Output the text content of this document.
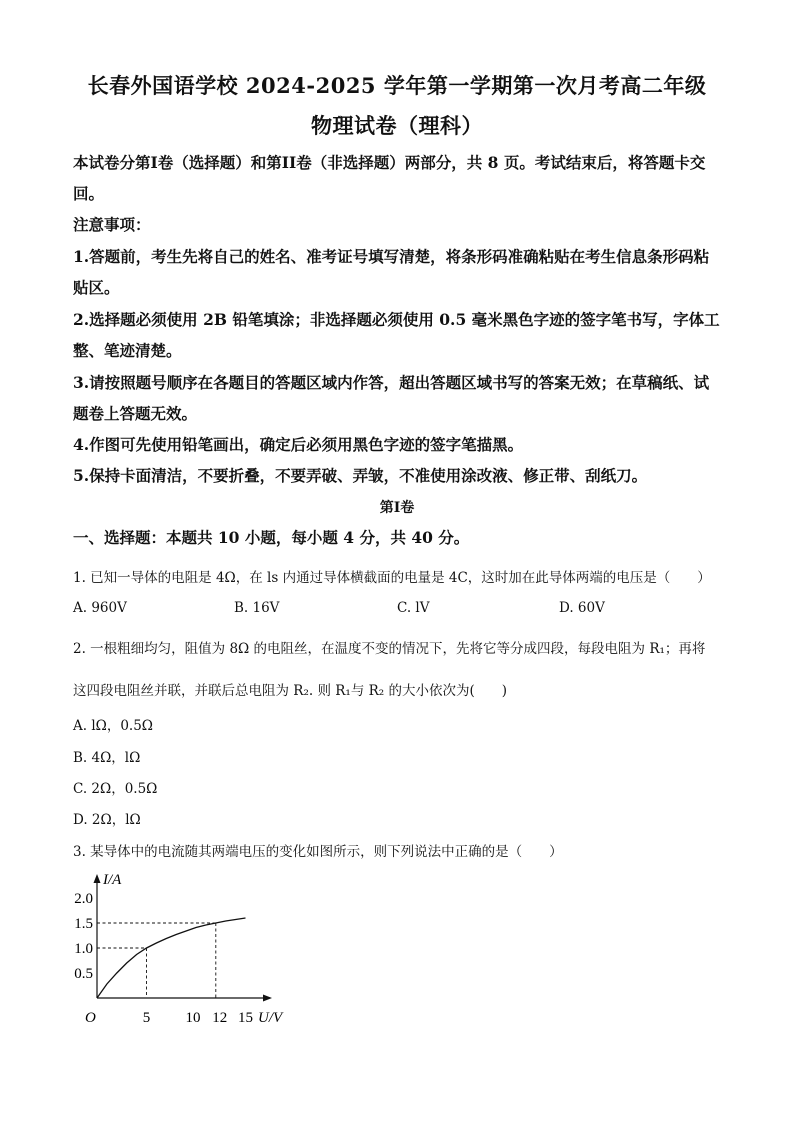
长春外国语学校 2024-2025 学年第一学期第一次月考高二年级
物理试卷（理科）
本试卷分第I卷（选择题）和第II卷（非选择题）两部分，共 8 页。考试结束后，将答题卡交
回。
注意事项：
1.答题前，考生先将自己的姓名、准考证号填写清楚，将条形码准确粘贴在考生信息条形码粘
贴区。
2.选择题必须使用 2B 铅笔填涂；非选择题必须使用 0.5 毫米黑色字迹的签字笔书写，字体工
整、笔迹清楚。
3.请按照题号顺序在各题目的答题区域内作答，超出答题区域书写的答案无效；在草稿纸、试
题卷上答题无效。
4.作图可先使用铅笔画出，确定后必须用黑色字迹的签字笔描黑。
5.保持卡面清洁，不要折叠，不要弄破、弄皱，不准使用涂改液、修正带、刮纸刀。
第I卷
一、选择题：本题共 10 小题，每小题 4 分，共 40 分。
1. 已知一导体的电阻是 4Ω，在 ls 内通过导体横截面的电量是 4C，这时加在此导体两端的电压是（　　）
A. 960V	B. 16V	C. lV	D. 60V
2. 一根粗细均匀，阻值为 8Ω 的电阻丝，在温度不变的情况下，先将它等分成四段，每段电阻为 R₁；再将
这四段电阻丝并联，并联后总电阻为 R₂. 则 R₁与 R₂ 的大小依次为(　　)
A. lΩ，0.5Ω
B. 4Ω，lΩ
C. 2Ω，0.5Ω
D. 2Ω，lΩ
3. 某导体中的电流随其两端电压的变化如图所示，则下列说法中正确的是（　　）
I/A
U/V
O
0.5
1.0
1.5
2.0
5 10 12 15
